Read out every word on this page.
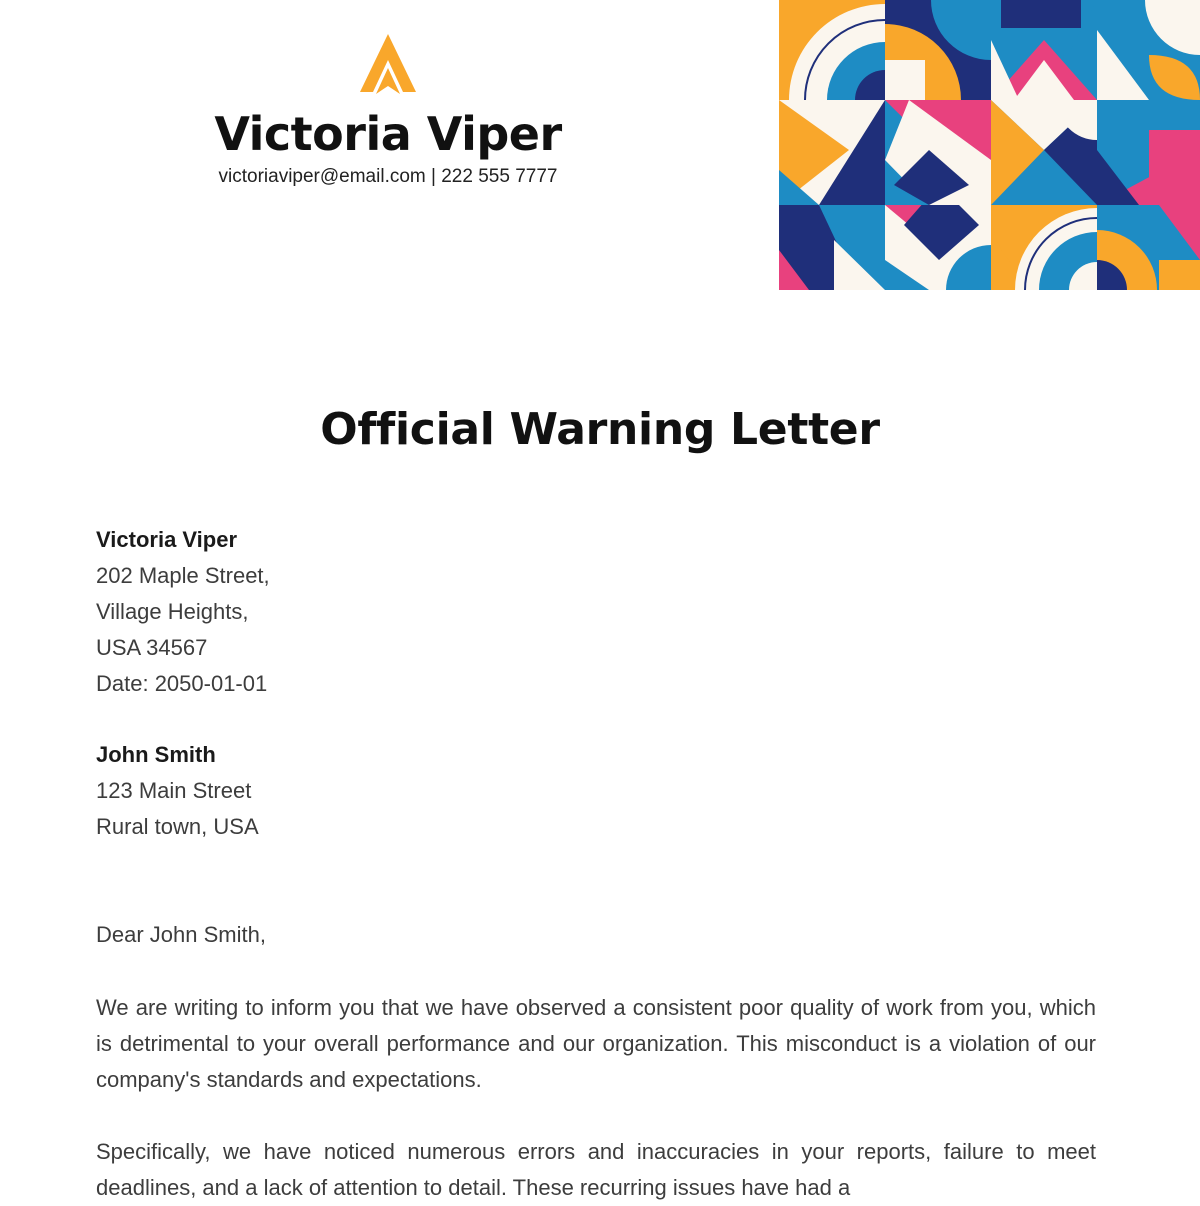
Victoria Viper
victoriaviper@email.com | 222 555 7777
Official Warning Letter
Victoria Viper
202 Maple Street,
Village Heights,
USA 34567
Date: 2050-01-01
John Smith
123 Main Street
Rural town, USA
Dear John Smith,

We are writing to inform you that we have observed a consistent poor quality of work from you, which is detrimental to your overall performance and our organization. This misconduct is a violation of our company's standards and expectations.

Specifically, we have noticed numerous errors and inaccuracies in your reports, failure to meet deadlines, and a lack of attention to detail. These recurring issues have had a
